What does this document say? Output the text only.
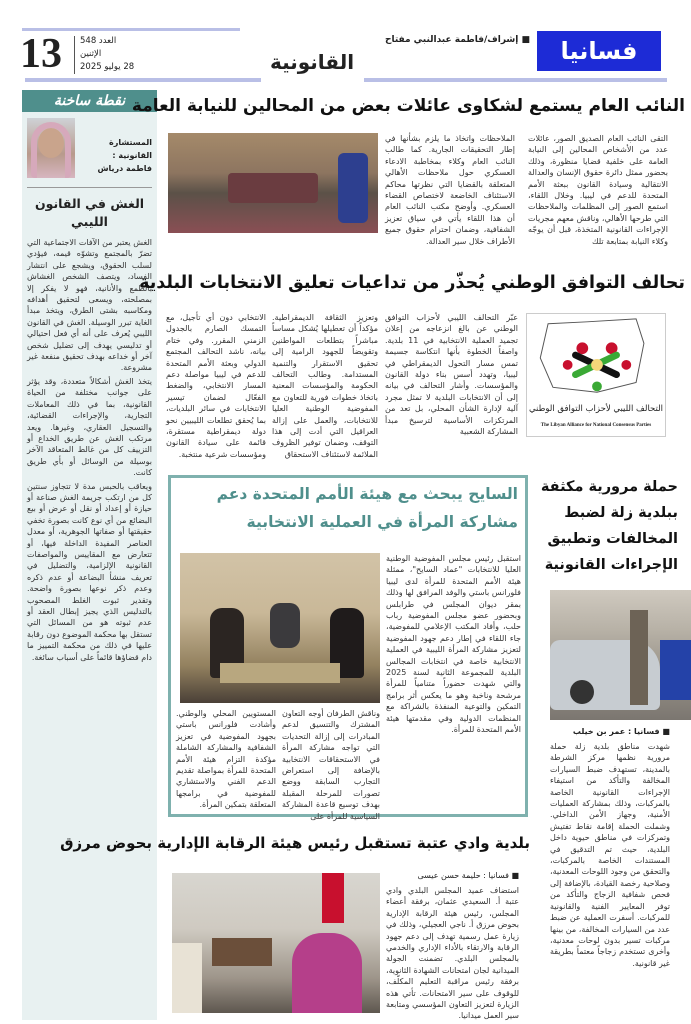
فسانيا
■ إشراف/فاطمة عبدالنبي مفتاح
القانونية
13	العدد 548
الإثنين
28 يوليو 2025
نقطة ساخنة
المستشارة القانونية :
فاطمة درياش
الغش في القانون الليبي

الغش يعتبر من الآفات الاجتماعية التي تضرّ بالمجتمع وتشوّه قيمه، فيؤدي لسلب الحقوق، ويشجع على انتشار الفساد، ويتصف الشخص الغشاش بالطمع والأنانية، فهو لا يفكر إلا بمصلحته، ويسعى لتحقيق أهدافه ومكاسبه بشتى الطرق، ويتخذ مبدأ الغاية تبرر الوسيلة. الغش في القانون الليبي يُعرف على أنه أي فعل احتيالي أو تدليسي يهدف إلى تضليل شخص آخر أو خداعه بهدف تحقيق منفعة غير مشروعة.

يتخذ الغش أشكالاً متعددة، وقد يؤثر على جوانب مختلفة من الحياة القانونية، بما في ذلك المعاملات التجارية، والإجراءات القضائية، والتسجيل العقاري، وغيرها. ويعد مرتكب الغش عن طريق الخداع أو التزييف كل من غالط المتعاقد الآخر بوسيلة من الوسائل أو بأي طريق كانت.

ويعاقب بالحبس مدة لا تتجاوز سنتين كل من ارتكب جريمة الغش صناعة أو حيازة أو إعداد أو نقل أو عرض أو بيع البضائع من أي نوع كانت بصورة تخفي حقيقتها أو صفاتها الجوهرية، أو معدل العناصر المفيدة الداخلة فيها، أو تتعارض مع المقاييس والمواصفات القانونية الإلزامية، والتضليل في تعريف منشأ البضاعة أو عدم ذكره وعدم ذكر نوعها بصورة واضحة. وتقدير ثبوت الغلط المصحوب بالتدليس الذي يجيز إبطال العقد أو عدم ثبوته هو من المسائل التي تستقل بها محكمة الموضوع دون رقابة عليها في ذلك من محكمة التمييز ما دام قضاؤها قائماً على أسباب سائغة.

النائب العام يستمع لشكاوى عائلات بعض من المحالين للنيابة العامة
الملاحظات واتخاذ ما يلزم بشأنها في إطار التحقيقات الجارية. كما طالب النائب العام وكلاء بمخاطبة الادعاء العسكري حول ملاحظات الأهالي المتعلقة بالقضايا التي نظرتها محاكم الاستئناف الخاضعة لاختصاص القضاء العسكري. وأوضح مكتب النائب العام أن هذا اللقاء يأتي في سياق تعزيز الشفافية، وضمان احترام حقوق جميع الأطراف خلال سير العدالة.
التقى النائب العام الصديق الصور، عائلات عدد من الأشخاص المحالين إلى النيابة العامة على خلفية قضايا منظورة، وذلك بحضور ممثل دائرة حقوق الإنسان والعدالة الانتقالية وسيادة القانون ببعثة الأمم المتحدة للدعم في ليبيا. وخلال اللقاء، استمع الصور إلى المظلمات والملاحظات التي طرحها الأهالي، وناقش معهم مجريات الإجراءات القانونية المتخذة، قبل أن يوجّه وكلاء النيابة بمتابعة تلك
تحالف التوافق الوطني يُحذّر من تداعيات تعليق الانتخابات البلدية
التحالف الليبي لأحزاب التوافق الوطني
The Libyan Alliance for National Consensus Parties
عبّر التحالف الليبي لأحزاب التوافق الوطني عن بالغ انزعاجه من إعلان تجميد العملية الانتخابية في 11 بلدية. واصفاً الخطوة بأنها انتكاسة جسيمة تمس مسار التحول الديمقراطي في ليبيا، وتهدد أسس بناء دولة القانون والمؤسسات. وأشار التحالف في بيانه إلى أن الانتخابات البلدية لا تمثل مجرد آلية لإدارة الشأن المحلي، بل تعد من المرتكزات الأساسية لترسيخ مبدأ المشاركة الشعبية
وتعزيز الثقافة الديمقراطية. مؤكداً أن تعطيلها يُشكل مساساً مباشراً بتطلعات المواطنين وتقويضاً للجهود الرامية إلى تحقيق الاستقرار والتنمية المستدامة. وطالب التحالف الحكومة والمؤسسات المعنية باتخاذ خطوات فورية للتعاون مع المفوضية الوطنية العليا للانتخابات، والعمل على إزالة العراقيل التي أدت إلى هذا التوقف، وضمان توفير الظروف الملائمة لاستئناف الاستحقاق
الانتخابي دون أي تأجيل، مع التمسك الصارم بالجدول الزمني المقرر. وفي ختام بيانه، ناشد التحالف المجتمع الدولي وبعثة الأمم المتحدة للدعم في ليبيا مواصلة دعم المسار الانتخابي، والضغط الفعّال لضمان تيسير الانتخابات في سائر البلديات، بما يُحقق تطلعات الليبيين نحو دولة ديمقراطية مستقرة، قائمة على سيادة القانون ومؤسسات شرعية منتخبة.
حملة مرورية مكثفة ببلدية زلة لضبط المخالفات وتطبيق الإجراءات القانونية
■ فسانيا : عمر بن خيلب
شهدت مناطق بلدية زلة حملة مرورية نظمها مركز الشرطة بالمدينة، تستهدف ضبط السيارات المخالفة والتأكد من استيفاء الإجراءات القانونية الخاصة بالمركبات، وذلك بمشاركة العمليات الأمنية، وجهاز الأمن الداخلي. وشملت الحملة إقامة نقاط تفتيش وتمركزات في مناطق حيوية داخل البلدية، حيث تم التدقيق في المستندات الخاصة بالمركبات، والتحقق من وجود اللوحات المعدنية، وصلاحية رخصة القيادة، بالإضافة إلى فحص شفافية الزجاج والتأكد من توفر المعايير الفنية والقانونية للمركبات. أسفرت العملية عن ضبط عدد من السيارات المخالفة، من بينها مركبات تسير بدون لوحات معدنية، وأخرى تستخدم زجاجاً معتماً بطريقة غير قانونية.
السايح يبحث مع هيئة الأمم المتحدة دعم مشاركة المرأة في العملية الانتخابية
استقبل رئيس مجلس المفوضية الوطنية العليا للانتخابات "عماد السايح"، ممثلة هيئة الأمم المتحدة للمرأة لدى ليبيا فلورانس باستي والوفد المرافق لها وذلك بمقر ديوان المجلس في طرابلس وبحضور عضو مجلس المفوضية رباب حلب، وأفاد المكتب الإعلامي للمفوضية، جاء اللقاء في إطار دعم جهود المفوضية لتعزيز مشاركة المرأة الليبية في العملية الانتخابية خاصة في انتخابات المجالس البلدية للمجموعة الثانية لسنة 2025 والتي شهدت حضوراً متنامياً للمرأة مرشحة وناخبة وهو ما يعكس أثر برامج التمكين والتوعية المنفذة بالشراكة مع المنظمات الدولية وفي مقدمتها هيئة الأمم المتحدة للمرأة.
وناقش الطرفان أوجه التعاون المشترك والتنسيق لدعم المبادرات إلى إزالة التحديات التي تواجه مشاركة المرأة في الاستحقاقات الانتخابية بالإضافة إلى استعراض التجارب السابقة ووضع تصورات للمرحلة المقبلة بهدف توسيع قاعدة المشاركة السياسية للمرأة على
المستويين المحلي والوطني. وأشادت فلورانس باستي بجهود المفوضية في تعزيز الشفافية والمشاركة الشاملة مؤكدة التزام هيئة الأمم المتحدة للمرأة بمواصلة تقديم الدعم الفني والاستشاري للمفوضية في برامجها المتعلقة بتمكين المرأة.
بلدية وادي عتبة تستقبل رئيس هيئة الرقابة الإدارية بحوض مرزق
■ فسانيا : حليمة حسن عيسى
استضاف عميد المجلس البلدي وادي عتبة أ. السعيدي عثمان، برفقة أعضاء المجلس، رئيس هيئة الرقابة الإدارية بحوض مرزق أ. ناجي العجيلي، وذلك في زيارة عمل رسمية تهدف إلى دعم جهود الرقابة والارتقاء بالأداء الإداري والخدمي بالمجلس البلدي. تضمنت الجولة الميدانية لجان امتحانات الشهادة الثانوية، برفقة رئيس مراقبة التعليم المكلّف، للوقوف على سير الامتحانات. تأتي هذه الزيارة لتعزيز التعاون المؤسسي ومتابعة سير العمل ميدانيا.
